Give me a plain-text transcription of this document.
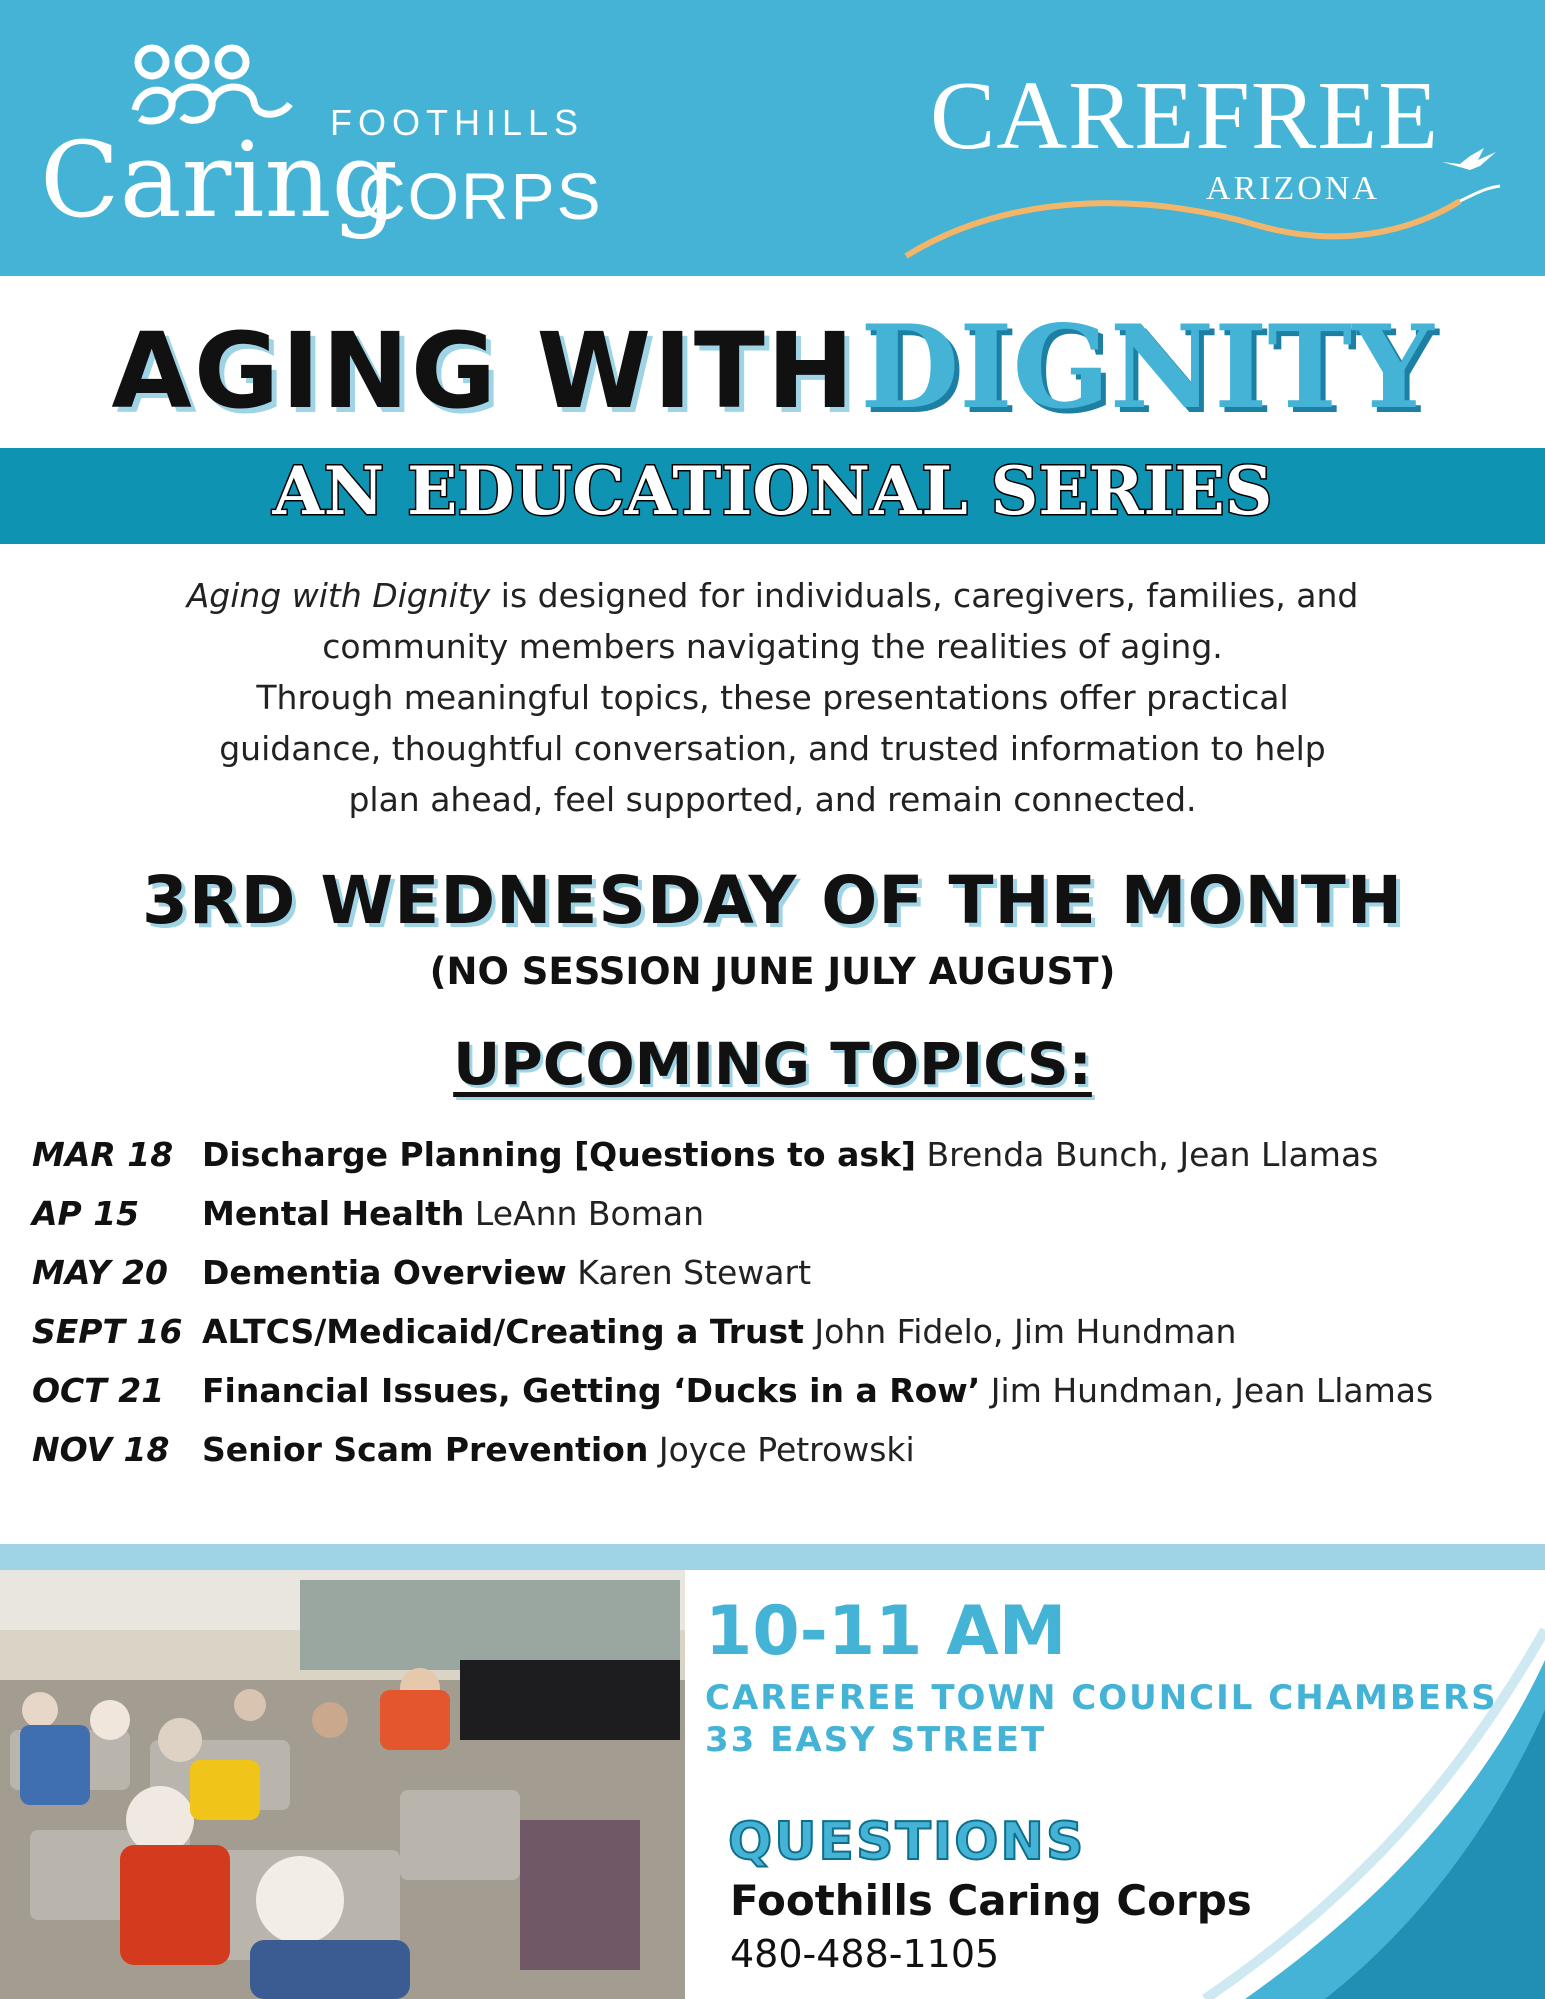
FOOTHILLS
Caring
CORPS
CAREFREE
ARIZONA
AGING WITH DIGNITY
AN EDUCATIONAL SERIES
Aging with Dignity is designed for individuals, caregivers, families, and
community members navigating the realities of aging.
Through meaningful topics, these presentations offer practical
guidance, thoughtful conversation, and trusted information to help
plan ahead, feel supported, and remain connected.
3RD WEDNESDAY OF THE MONTH
(NO SESSION JUNE JULY AUGUST)
UPCOMING TOPICS:
MAR 18 Discharge Planning [Questions to ask] Brenda Bunch, Jean Llamas
AP 15 Mental Health LeAnn Boman
MAY 20 Dementia Overview Karen Stewart
SEPT 16 ALTCS/Medicaid/Creating a Trust John Fidelo, Jim Hundman
OCT 21 Financial Issues, Getting ‘Ducks in a Row’ Jim Hundman, Jean Llamas
NOV 18 Senior Scam Prevention Joyce Petrowski
10-11 AM
CAREFREE TOWN COUNCIL CHAMBERS
33 EASY STREET
QUESTIONS
Foothills Caring Corps
480-488-1105
